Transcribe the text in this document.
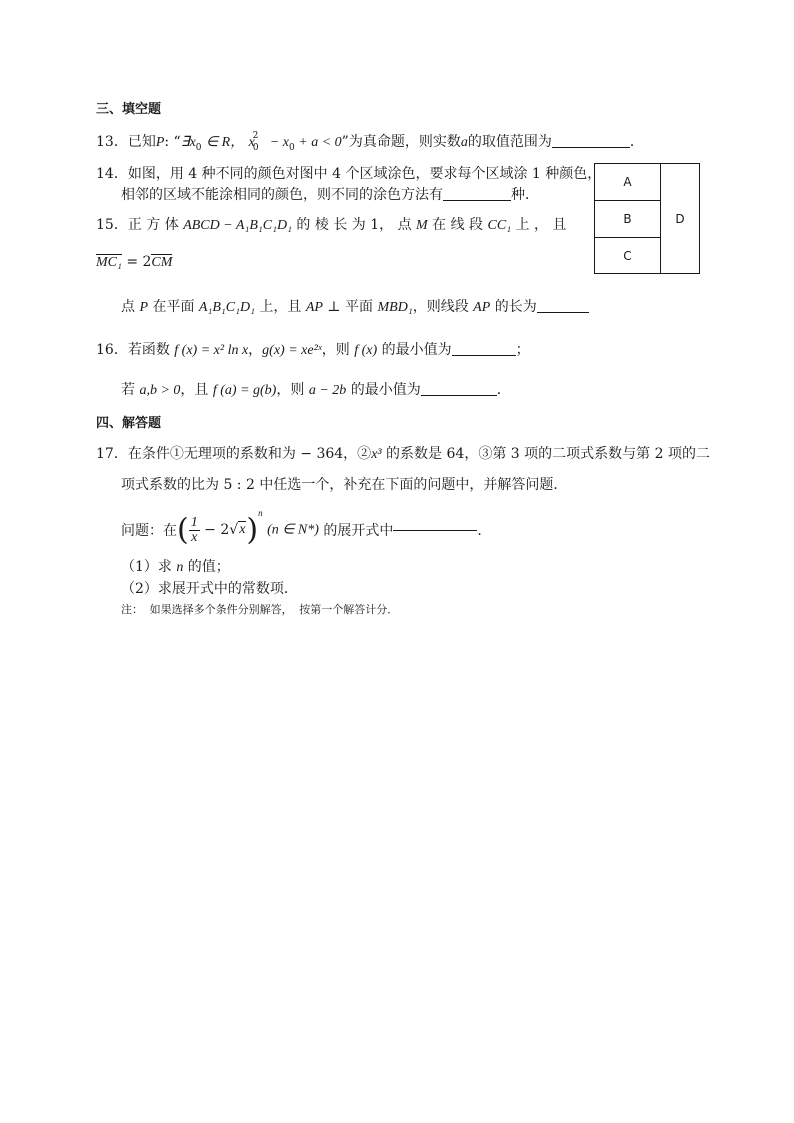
三、填空题
13．已知P: “$\exists x_0$ ∈ R， $x_0^2 - x_0 + a < 0$”为真命题，则实数a的取值范围为	．
14．如图，用 4 种不同的颜色对图中 4 个区域涂色，要求每个区域涂 1 种颜色，
相邻的区域不能涂相同的颜色，则不同的涂色方法有	种．
A
B
C
D
15．正 方 体 ABCD − A₁B₁C₁D₁ 的 棱 长 为 1， 点 M 在 线 段 CC₁ 上 ， 且
MC₁ = 2CM
点 P 在平面 A₁B₁C₁D₁ 上，且 AP ⊥ 平面 MBD₁，则线段 AP 的长为
16．若函数 f (x) = x² ln x，g(x) = xe²ˣ，则 f (x) 的最小值为	；
若 a,b > 0，且 f (a) = g(b)，则 a − 2b 的最小值为	．
四、解答题
17．在条件①无理项的系数和为 − 364，②x³ 的系数是 64，③第 3 项的二项式系数与第 2 项的二
项式系数的比为 5 : 2 中任选一个，补充在下面的问题中，并解答问题．
问题：在( $\frac{1}{x} - 2√x)^n$ (n ∈ N*) 的展开式中	．
（1）求 n 的值；
（2）求展开式中的常数项．
注： 如果选择多个条件分别解答， 按第一个解答计分．
